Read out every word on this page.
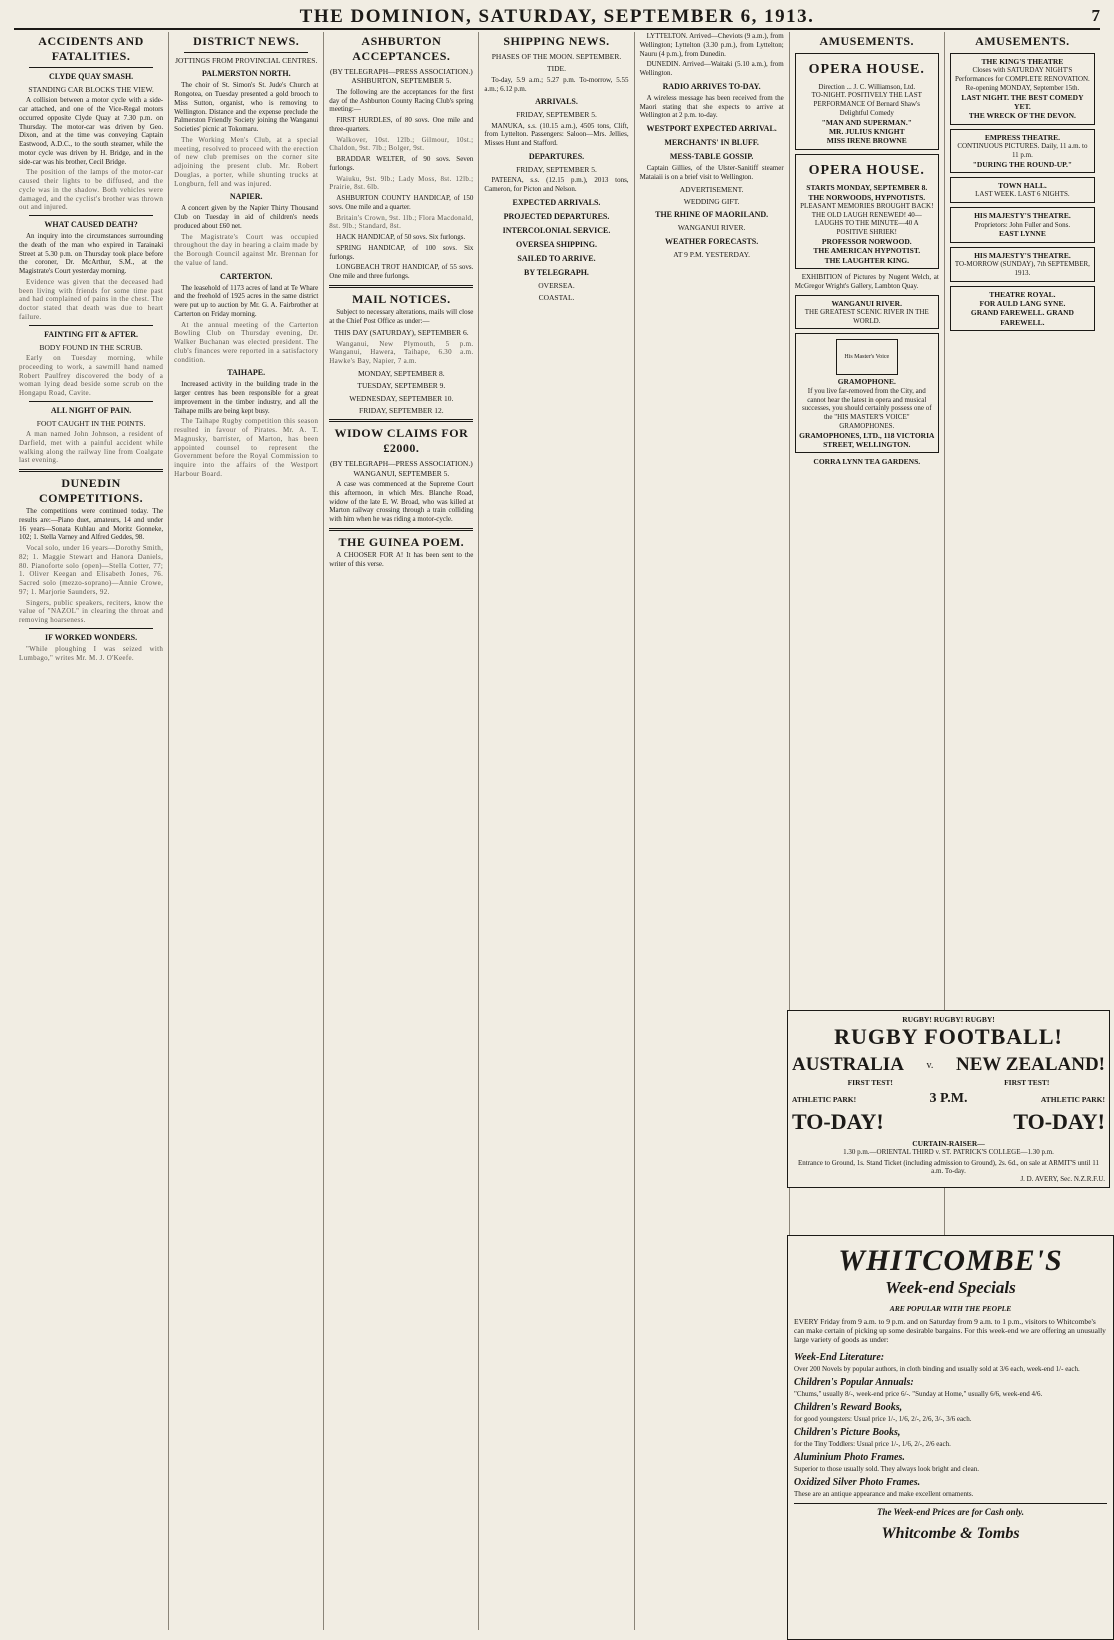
THE DOMINION, SATURDAY, SEPTEMBER 6, 1913.	7
ACCIDENTS AND FATALITIES.
CLYDE QUAY SMASH.
STANDING CAR BLOCKS THE VIEW.

A collision between a motor cycle with a side-car attached, and one of the Vice-Regal motors occurred opposite Clyde Quay at 7.30 p.m. on Thursday. The motor-car was driven by Geo. Dixon, and at the time was conveying Captain Eastwood, A.D.C., to the south steamer, while the motor cycle was driven by H. Bridge, and in the side-car was his brother, Cecil Bridge.

The position of the lamps of the motor-car caused their lights to be diffused, and the cycle was in the shadow. Both vehicles were damaged, and the cyclist's brother was thrown out and injured.

WHAT CAUSED DEATH?

An inquiry into the circumstances surrounding the death of the man who expired in Tarainaki Street at 5.30 p.m. on Thursday took place before the coroner, Dr. McArthur, S.M., at the Magistrate's Court yesterday morning.

Evidence was given that the deceased had been living with friends for some time past and had complained of pains in the chest. The doctor stated that death was due to heart failure.

FAINTING FIT & AFTER.
BODY FOUND IN THE SCRUB.

Early on Tuesday morning, while proceeding to work, a sawmill hand named Robert Paulfrey discovered the body of a woman lying dead beside some scrub on the Hongapu Road, Cavite.

ALL NIGHT OF PAIN.
FOOT CAUGHT IN THE POINTS.

A man named John Johnson, a resident of Darfield, met with a painful accident while walking along the railway line from Coalgate last evening.

DUNEDIN COMPETITIONS.

The competitions were continued today. The results are:—Piano duet, amateurs, 14 and under 16 years—Sonata Kuhlau and Moritz Gonneke, 102; 1. Stella Varney and Alfred Geddes, 98.

Vocal solo, under 16 years—Dorothy Smith, 82; 1. Maggie Stewart and Hanora Daniels, 80. Pianoforte solo (open)—Stella Cotter, 77; 1. Oliver Keegan and Elisabeth Jones, 76. Sacred solo (mezzo-soprano)—Annie Crowe, 97; 1. Marjorie Saunders, 92.

Singers, public speakers, reciters, know the value of "NAZOL" in clearing the throat and removing hoarseness.

IF WORKED WONDERS.

"While ploughing I was seized with Lumbago," writes Mr. M. J. O'Keefe.

DISTRICT NEWS.
JOTTINGS FROM PROVINCIAL CENTRES.
PALMERSTON NORTH.

The choir of St. Simon's St. Jude's Church at Rongotea, on Tuesday presented a gold brooch to Miss Sutton, organist, who is removing to Wellington. Distance and the expense preclude the Palmerston Friendly Society joining the Wanganui Societies' picnic at Tokomaru.

The Working Men's Club, at a special meeting, resolved to proceed with the erection of new club premises on the corner site adjoining the present club. Mr. Robert Douglas, a porter, while shunting trucks at Longburn, fell and was injured.

NAPIER.

A concert given by the Napier Thirty Thousand Club on Tuesday in aid of children's needs produced about £60 net.

The Magistrate's Court was occupied throughout the day in hearing a claim made by the Borough Council against Mr. Brennan for the value of land.

CARTERTON.

The leasehold of 1173 acres of land at Te Whare and the freehold of 1925 acres in the same district were put up to auction by Mr. G. A. Fairbrother at Carterton on Friday morning.

At the annual meeting of the Carterton Bowling Club on Thursday evening, Dr. Walker Buchanan was elected president. The club's finances were reported in a satisfactory condition.

TAIHAPE.

Increased activity in the building trade in the larger centres has been responsible for a great improvement in the timber industry, and all the Taihape mills are being kept busy.

The Taihape Rugby competition this season resulted in favour of Pirates. Mr. A. T. Magnusky, barrister, of Marton, has been appointed counsel to represent the Government before the Royal Commission to inquire into the affairs of the Westport Harbour Board.

ASHBURTON ACCEPTANCES.
(BY TELEGRAPH—PRESS ASSOCIATION.) ASHBURTON, SEPTEMBER 5.

The following are the acceptances for the first day of the Ashburton County Racing Club's spring meeting:—

FIRST HURDLES, of 80 sovs. One mile and three-quarters.

Walkover, 10st. 12lb.; Gilmour, 10st.; Chaldon, 9st. 7lb.; Bolger, 9st.

BRADDAR WELTER, of 90 sovs. Seven furlongs.

Waiuku, 9st. 9lb.; Lady Moss, 8st. 12lb.; Prairie, 8st. 6lb.

ASHBURTON COUNTY HANDICAP, of 150 sovs. One mile and a quarter.

Britain's Crown, 9st. 1lb.; Flora Macdonald, 8st. 9lb.; Standard, 8st.

HACK HANDICAP, of 50 sovs. Six furlongs.

SPRING HANDICAP, of 100 sovs. Six furlongs.

LONGBEACH TROT HANDICAP, of 55 sovs. One mile and three furlongs.

MAIL NOTICES.

Subject to necessary alterations, mails will close at the Chief Post Office as under:—

THIS DAY (SATURDAY), SEPTEMBER 6.

Wanganui, New Plymouth, 5 p.m. Wanganui, Hawera, Taihape, 6.30 a.m. Hawke's Bay, Napier, 7 a.m.

MONDAY, SEPTEMBER 8.
TUESDAY, SEPTEMBER 9.
WEDNESDAY, SEPTEMBER 10.
FRIDAY, SEPTEMBER 12.
WIDOW CLAIMS FOR £2000.
(BY TELEGRAPH—PRESS ASSOCIATION.) WANGANUI, SEPTEMBER 5.

A case was commenced at the Supreme Court this afternoon, in which Mrs. Blanche Road, widow of the late E. W. Broad, who was killed at Marton railway crossing through a train colliding with him when he was riding a motor-cycle.

THE GUINEA POEM.

A CHOOSER FOR A! It has been sent to the writer of this verse.

SHIPPING NEWS.
PHASES OF THE MOON. SEPTEMBER.
TIDE.

To-day, 5.9 a.m.; 5.27 p.m. To-morrow, 5.55 a.m.; 6.12 p.m.

ARRIVALS.
FRIDAY, SEPTEMBER 5.

MANUKA, s.s. (10.15 a.m.), 4505 tons, Clift, from Lyttelton. Passengers: Saloon—Mrs. Jellies, Misses Hunt and Stafford.

DEPARTURES.
FRIDAY, SEPTEMBER 5.

PATEENA, s.s. (12.15 p.m.), 2013 tons, Cameron, for Picton and Nelson.

EXPECTED ARRIVALS.
PROJECTED DEPARTURES.
INTERCOLONIAL SERVICE.
OVERSEA SHIPPING.
SAILED TO ARRIVE.
BY TELEGRAPH.
OVERSEA.
COASTAL.

LYTTELTON. Arrived—Cheviots (9 a.m.), from Wellington; Lyttelton (3.30 p.m.), from Lyttelton; Nauru (4 p.m.), from Dunedin.

DUNEDIN. Arrived—Waitaki (5.10 a.m.), from Wellington.

RADIO ARRIVES TO-DAY.

A wireless message has been received from the Maori stating that she expects to arrive at Wellington at 2 p.m. to-day.

WESTPORT EXPECTED ARRIVAL.
MERCHANTS' IN BLUFF.
MESS-TABLE GOSSIP.

Captain Gillies, of the Ulster-Sanitiff steamer Mataiaii is on a brief visit to Wellington.

ADVERTISEMENT.
WEDDING GIFT.
THE RHINE OF MAORILAND.
WANGANUI RIVER.
WEATHER FORECASTS.
AT 9 P.M. YESTERDAY.
AMUSEMENTS.
OPERA HOUSE.
Direction ... J. C. Williamson, Ltd.
TO-NIGHT. POSITIVELY THE LAST PERFORMANCE Of Bernard Shaw's Delightful Comedy
"MAN AND SUPERMAN."
MR. JULIUS KNIGHT
MISS IRENE BROWNE
OPERA HOUSE.
STARTS MONDAY, SEPTEMBER 8.
THE NORWOODS, HYPNOTISTS.
PLEASANT MEMORIES BROUGHT BACK! THE OLD LAUGH RENEWED! 40—LAUGHS TO THE MINUTE—40 A POSITIVE SHRIEK!
PROFESSOR NORWOOD.
THE AMERICAN HYPNOTIST.
THE LAUGHTER KING.

EXHIBITION of Pictures by Nugent Welch, at McGregor Wright's Gallery, Lambton Quay.

WANGANUI RIVER.
THE GREATEST SCENIC RIVER IN THE WORLD.
His Master's Voice
GRAMOPHONE.
If you live far-removed from the City, and cannot hear the latest in opera and musical successes, you should certainly possess one of the "HIS MASTER'S VOICE" GRAMOPHONES.
GRAMOPHONES, LTD., 118 VICTORIA STREET, WELLINGTON.
CORRA LYNN TEA GARDENS.
AMUSEMENTS.
THE KING'S THEATRE
Closes with SATURDAY NIGHT'S Performances for COMPLETE RENOVATION. Re-opening MONDAY, September 15th.
LAST NIGHT. THE BEST COMEDY YET.
THE WRECK OF THE DEVON.
EMPRESS THEATRE.
CONTINUOUS PICTURES. Daily, 11 a.m. to 11 p.m.
"DURING THE ROUND-UP."
TOWN HALL.
LAST WEEK. LAST 6 NIGHTS.
HIS MAJESTY'S THEATRE.
Proprietors: John Fuller and Sons.
EAST LYNNE
HIS MAJESTY'S THEATRE.
TO-MORROW (SUNDAY), 7th SEPTEMBER, 1913.
THEATRE ROYAL.
FOR AULD LANG SYNE.
GRAND FAREWELL. GRAND FAREWELL.
RUGBY! RUGBY! RUGBY!
RUGBY FOOTBALL!
AUSTRALIA v. NEW ZEALAND!
FIRST TEST!	FIRST TEST!
ATHLETIC PARK!	3 P.M.	ATHLETIC PARK!
TO-DAY!	TO-DAY!
CURTAIN-RAISER—
1.30 p.m.—ORIENTAL THIRD v. ST. PATRICK'S COLLEGE—1.30 p.m.
Entrance to Ground, 1s. Stand Ticket (including admission to Ground), 2s. 6d., on sale at ARMIT'S until 11 a.m. To-day.
J. D. AVERY, Sec. N.Z.R.F.U.
WHITCOMBE'S
Week-end Specials
ARE POPULAR WITH THE PEOPLE

EVERY Friday from 9 a.m. to 9 p.m. and on Saturday from 9 a.m. to 1 p.m., visitors to Whitcombe's can make certain of picking up some desirable bargains. For this week-end we are offering an unusually large variety of goods as under:

Week-End Literature:
Over 200 Novels by popular authors, in cloth binding and usually sold at 3/6 each, week-end 1/- each.
Children's Popular Annuals:
"Chums," usually 8/-, week-end price 6/-. "Sunday at Home," usually 6/6, week-end 4/6.
Children's Reward Books,
for good youngsters: Usual price 1/-, 1/6, 2/-, 2/6, 3/-, 3/6 each.
Children's Picture Books,
for the Tiny Toddlers: Usual price 1/-, 1/6, 2/-, 2/6 each.
Aluminium Photo Frames.
Superior to those usually sold. They always look bright and clean.
Oxidized Silver Photo Frames.
These are an antique appearance and make excellent ornaments.
The Week-end Prices are for Cash only.
Whitcombe & Tombs
